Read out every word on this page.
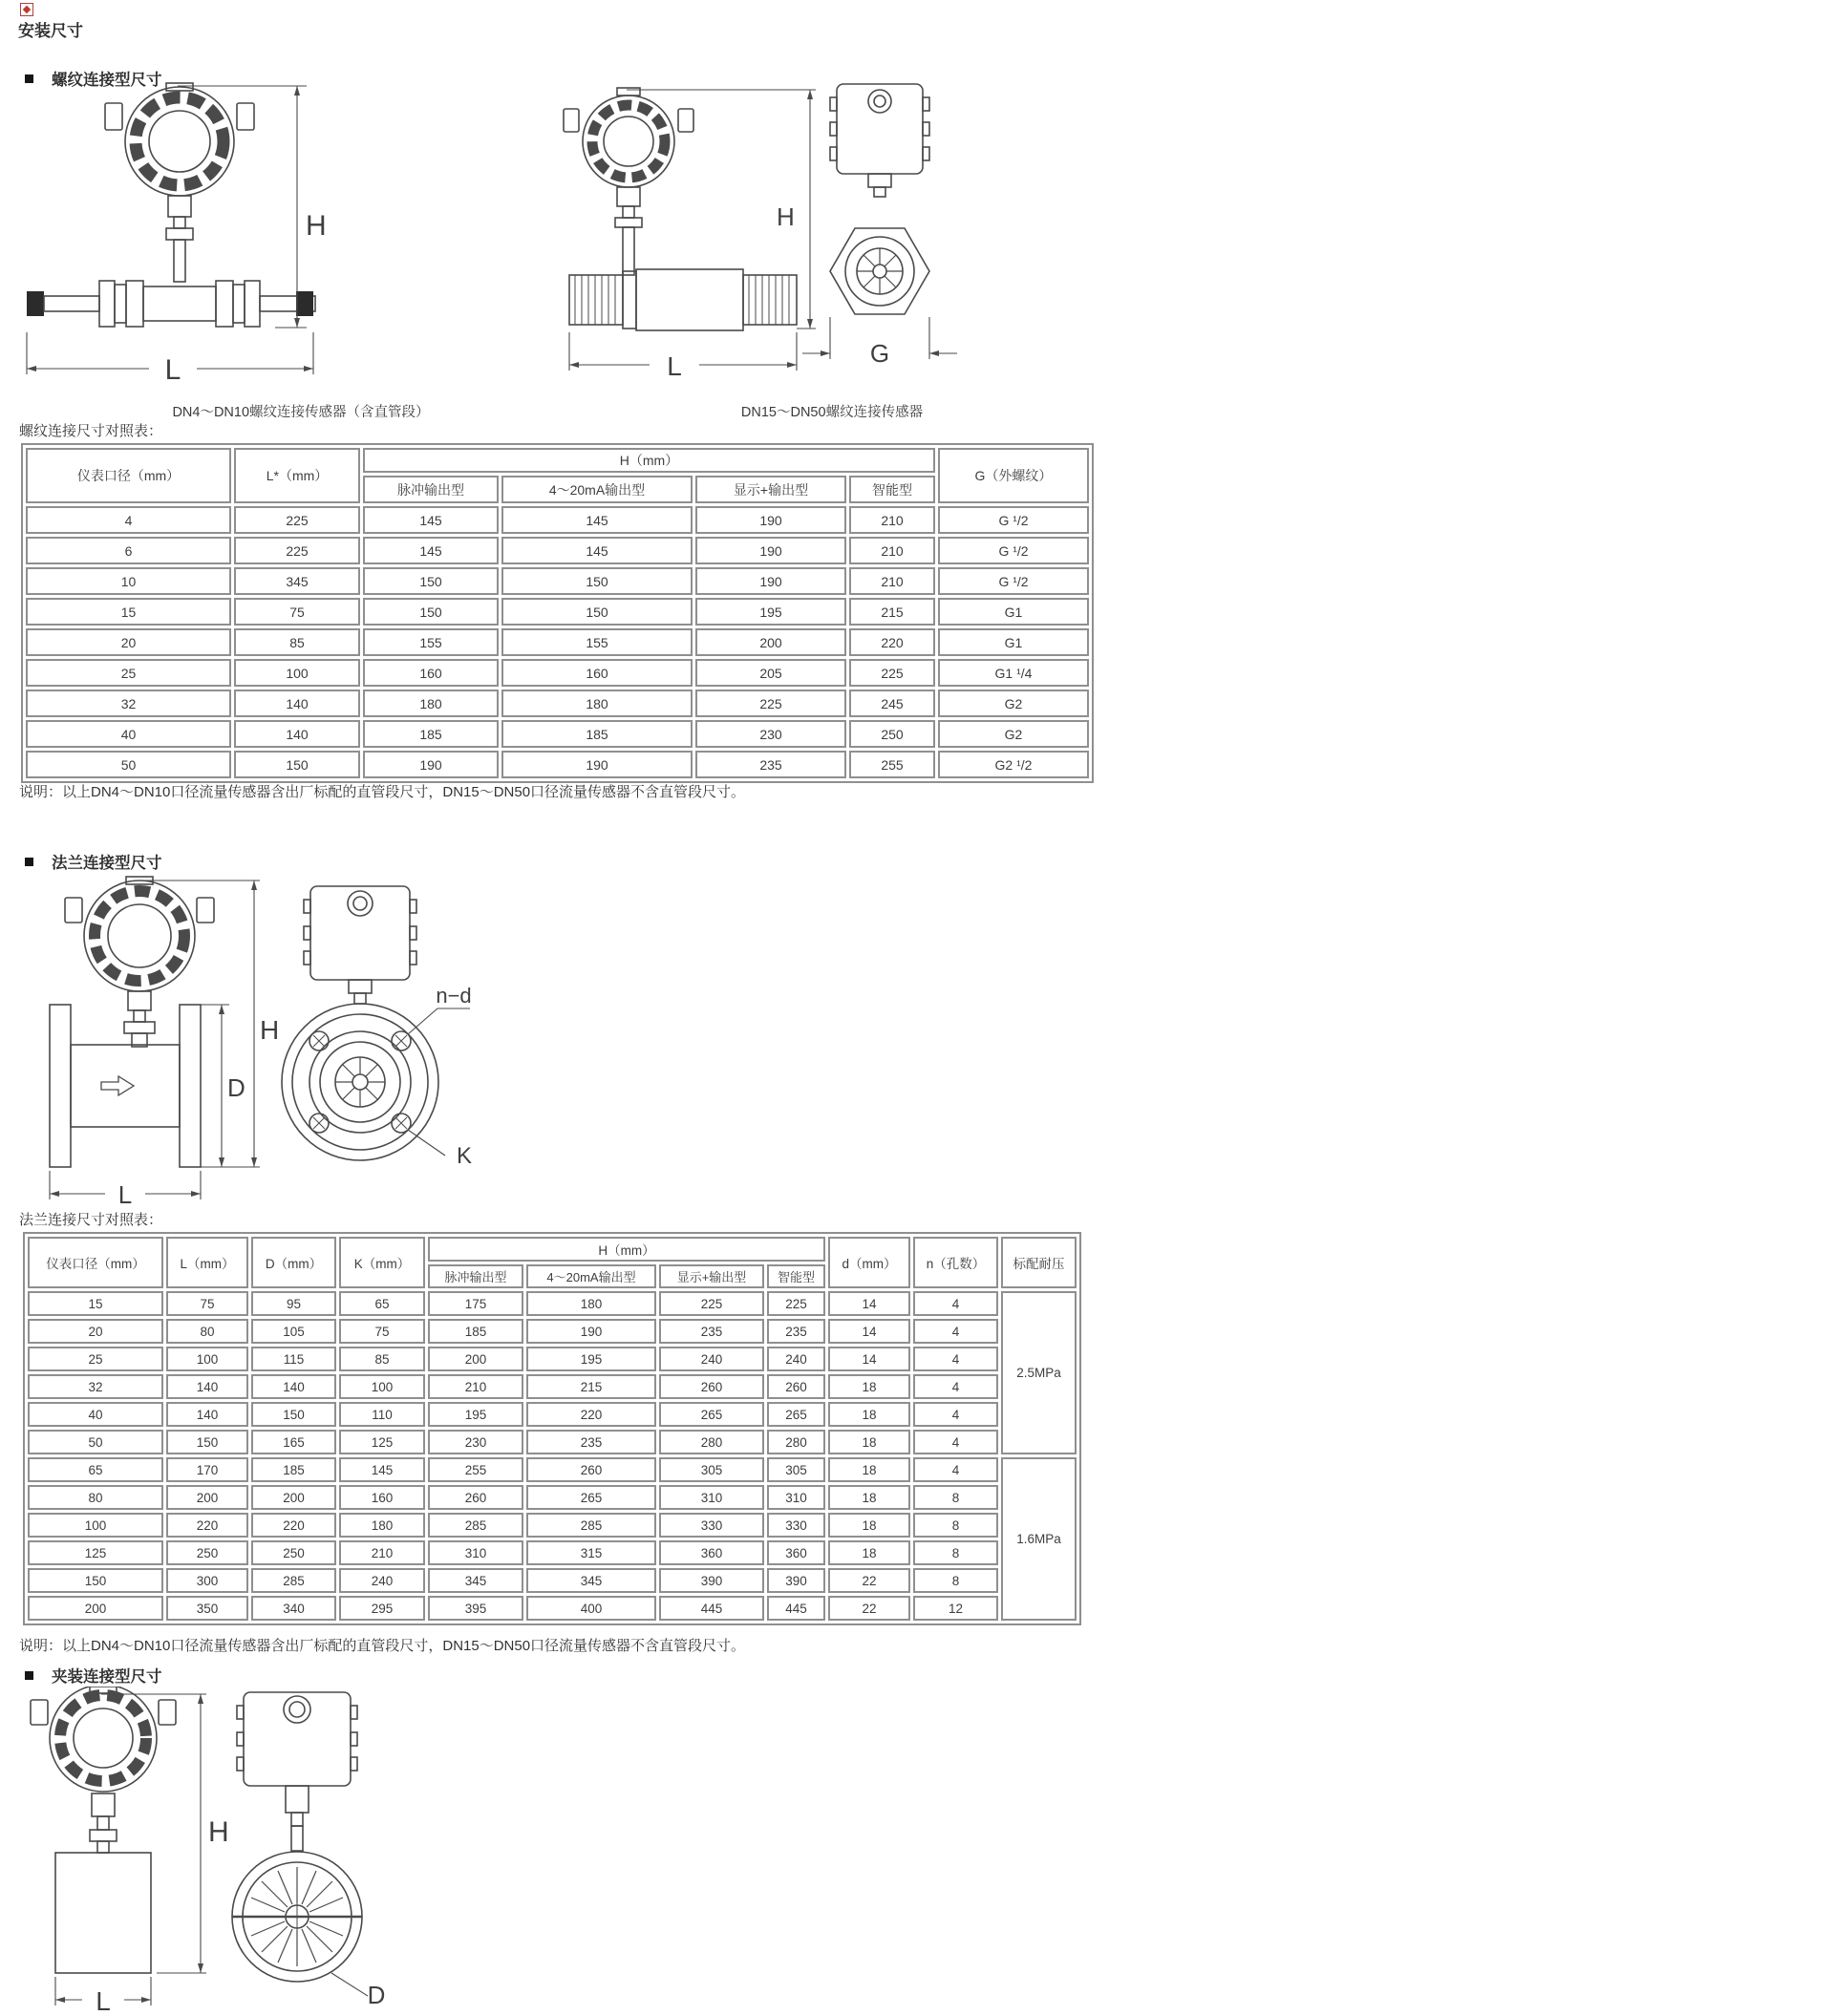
安装尺寸
螺纹连接型尺寸
H
L
H
L	G
DN4～DN10螺纹连接传感器（含直管段）	DN15～DN50螺纹连接传感器
螺纹连接尺寸对照表：
仪表口径（mm）	L*（mm）	H（mm）				G（外螺纹）
		脉冲输出型	4～20mA输出型	显示+输出型	智能型	
4	225	145	145	190	210	G ¹/2
6	225	145	145	190	210	G ¹/2
10	345	150	150	190	210	G ¹/2
15	75	150	150	195	215	G1
20	85	155	155	200	220	G1
25	100	160	160	205	225	G1 ¹/4
32	140	180	180	225	245	G2
40	140	185	185	230	250	G2
50	150	190	190	235	255	G2 ¹/2
说明：以上DN4～DN10口径流量传感器含出厂标配的直管段尺寸，DN15～DN50口径流量传感器不含直管段尺寸。
法兰连接型尺寸
D
H
L
n−d
K
法兰连接尺寸对照表：
仪表口径（mm）	L（mm）	D（mm）	K（mm）	H（mm）				d（mm）	n（孔数）	标配耐压
				脉冲输出型	4～20mA输出型	显示+输出型	智能型			
15	75	95	65	175	180	225	225	14	4	2.5MPa
20	80	105	75	185	190	235	235	14	4	
25	100	115	85	200	195	240	240	14	4	
32	140	140	100	210	215	260	260	18	4	
40	140	150	110	195	220	265	265	18	4	
50	150	165	125	230	235	280	280	18	4	
65	170	185	145	255	260	305	305	18	4	1.6MPa
80	200	200	160	260	265	310	310	18	8	
100	220	220	180	285	285	330	330	18	8	
125	250	250	210	310	315	360	360	18	8	
150	300	285	240	345	345	390	390	22	8	
200	350	340	295	395	400	445	445	22	12	
说明：以上DN4～DN10口径流量传感器含出厂标配的直管段尺寸，DN15～DN50口径流量传感器不含直管段尺寸。
夹装连接型尺寸
H
L	D
